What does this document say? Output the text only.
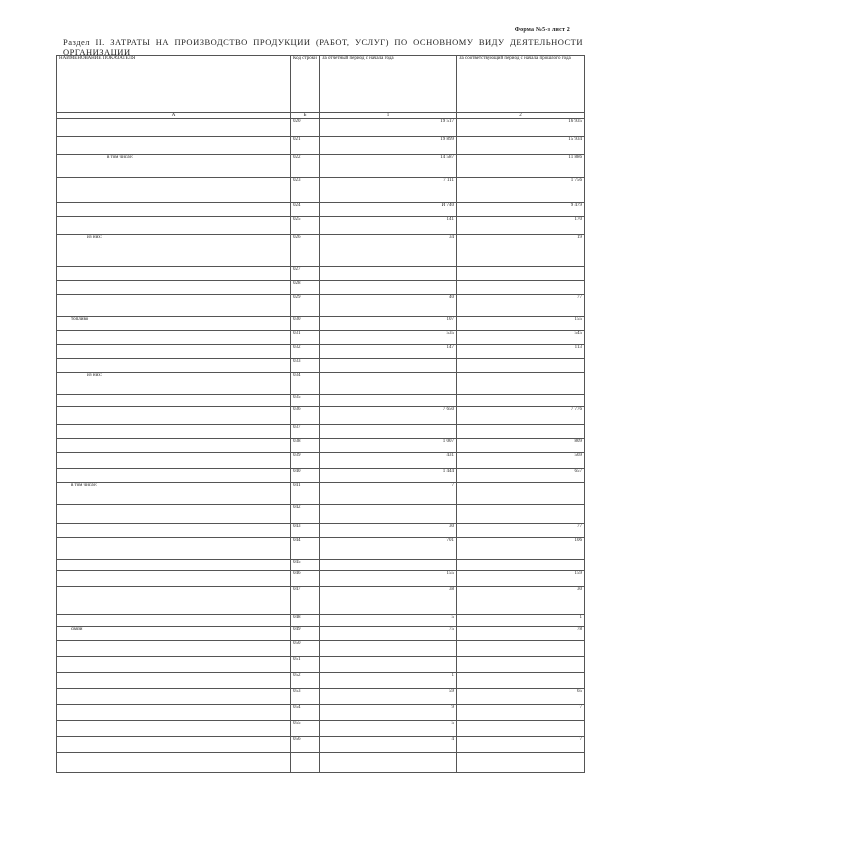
Форма №5-з лист 2
Раздел II. ЗАТРАТЫ НА ПРОИЗВОДСТВО ПРОДУКЦИИ (РАБОТ, УСЛУГ) ПО ОСНОВНОМУ ВИДУ ДЕЯТЕЛЬНОСТИ
ОРГАНИЗАЦИИ
НАИМЕНОВАНИЕ ПОКАЗАТЕЛЯ	Код строки	За отчетный период с начала года	За соответствующий период с начала прошлого года
А	Б	1	2
	020	19 517	16 935
	021	19 899	15 934
в том числе:	022	14 587	11 886
	023	7 111	1 756
	024	И 740	9 479
	025	141	170
из них:	026	34	19
	027		
	028		
	029	40	77
топливо	030	107	155
	031	535	545
	032	147	113
	033		
из них:	034		
	035		
	036	7 650	7 776
	037		
	038	1 007	809
	039	431	569
	040	1 444	657
в том числе:	041	7	
	042		
	043	30	77
	044	701	106
	045		
	046	155	159
	047	38	30
	048	5	1
связи	049	75	78
	050		
	051		
	052	1	
	053	59	65
	054	9	7
	055	5	
	056	4	7
